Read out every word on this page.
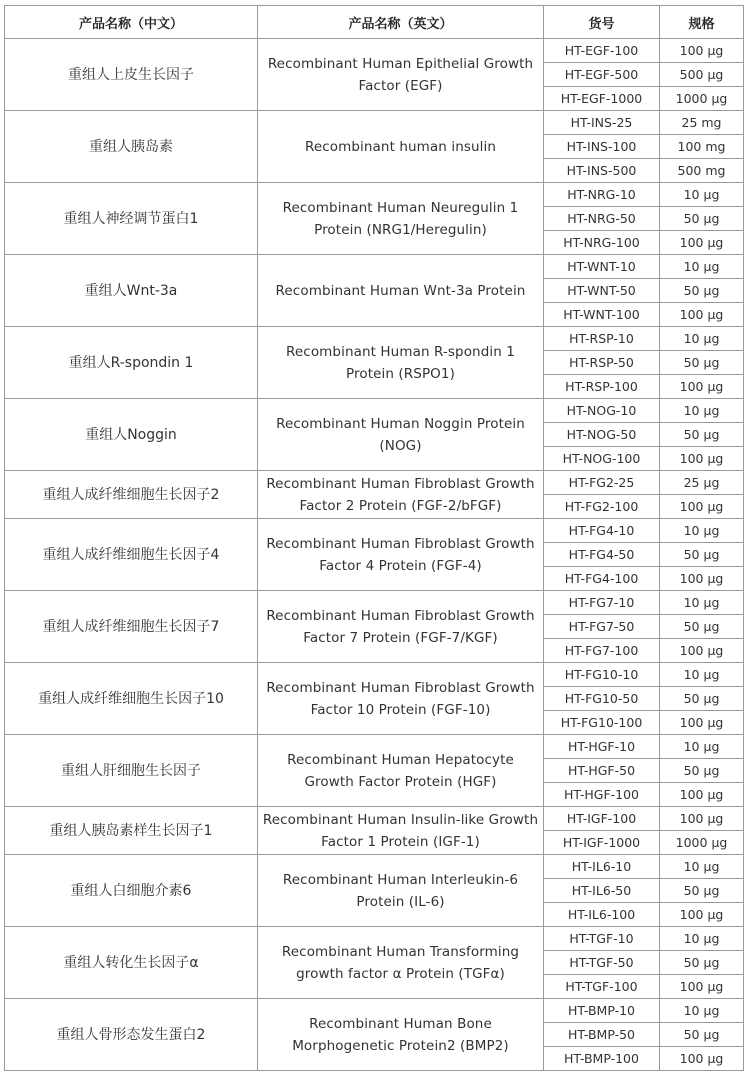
产品名称（中文）	产品名称（英文）	货号	规格
重组人上皮生长因子	Recombinant Human Epithelial Growth Factor (EGF)	HT-EGF-100	100 μg
		HT-EGF-500	500 μg
		HT-EGF-1000	1000 μg
重组人胰岛素	Recombinant human insulin	HT-INS-25	25 mg
		HT-INS-100	100 mg
		HT-INS-500	500 mg
重组人神经调节蛋白1	Recombinant Human Neuregulin 1 Protein (NRG1/Heregulin)	HT-NRG-10	10 μg
		HT-NRG-50	50 μg
		HT-NRG-100	100 μg
重组人Wnt-3a	Recombinant Human Wnt-3a Protein	HT-WNT-10	10 μg
		HT-WNT-50	50 μg
		HT-WNT-100	100 μg
重组人R-spondin 1	Recombinant Human R-spondin 1 Protein (RSPO1)	HT-RSP-10	10 μg
		HT-RSP-50	50 μg
		HT-RSP-100	100 μg
重组人Noggin	Recombinant Human Noggin Protein (NOG)	HT-NOG-10	10 μg
		HT-NOG-50	50 μg
		HT-NOG-100	100 μg
重组人成纤维细胞生长因子2	Recombinant Human Fibroblast Growth Factor 2 Protein (FGF-2/bFGF)	HT-FG2-25	25 μg
		HT-FG2-100	100 μg
重组人成纤维细胞生长因子4	Recombinant Human Fibroblast Growth Factor 4 Protein (FGF-4)	HT-FG4-10	10 μg
		HT-FG4-50	50 μg
		HT-FG4-100	100 μg
重组人成纤维细胞生长因子7	Recombinant Human Fibroblast Growth Factor 7 Protein (FGF-7/KGF)	HT-FG7-10	10 μg
		HT-FG7-50	50 μg
		HT-FG7-100	100 μg
重组人成纤维细胞生长因子10	Recombinant Human Fibroblast Growth Factor 10 Protein (FGF-10)	HT-FG10-10	10 μg
		HT-FG10-50	50 μg
		HT-FG10-100	100 μg
重组人肝细胞生长因子	Recombinant Human Hepatocyte Growth Factor Protein (HGF)	HT-HGF-10	10 μg
		HT-HGF-50	50 μg
		HT-HGF-100	100 μg
重组人胰岛素样生长因子1	Recombinant Human Insulin-like Growth Factor 1 Protein (IGF-1)	HT-IGF-100	100 μg
		HT-IGF-1000	1000 μg
重组人白细胞介素6	Recombinant Human Interleukin-6 Protein (IL-6)	HT-IL6-10	10 μg
		HT-IL6-50	50 μg
		HT-IL6-100	100 μg
重组人转化生长因子α	Recombinant Human Transforming growth factor α Protein (TGFα)	HT-TGF-10	10 μg
		HT-TGF-50	50 μg
		HT-TGF-100	100 μg
重组人骨形态发生蛋白2	Recombinant Human Bone Morphogenetic Protein2 (BMP2)	HT-BMP-10	10 μg
		HT-BMP-50	50 μg
		HT-BMP-100	100 μg
